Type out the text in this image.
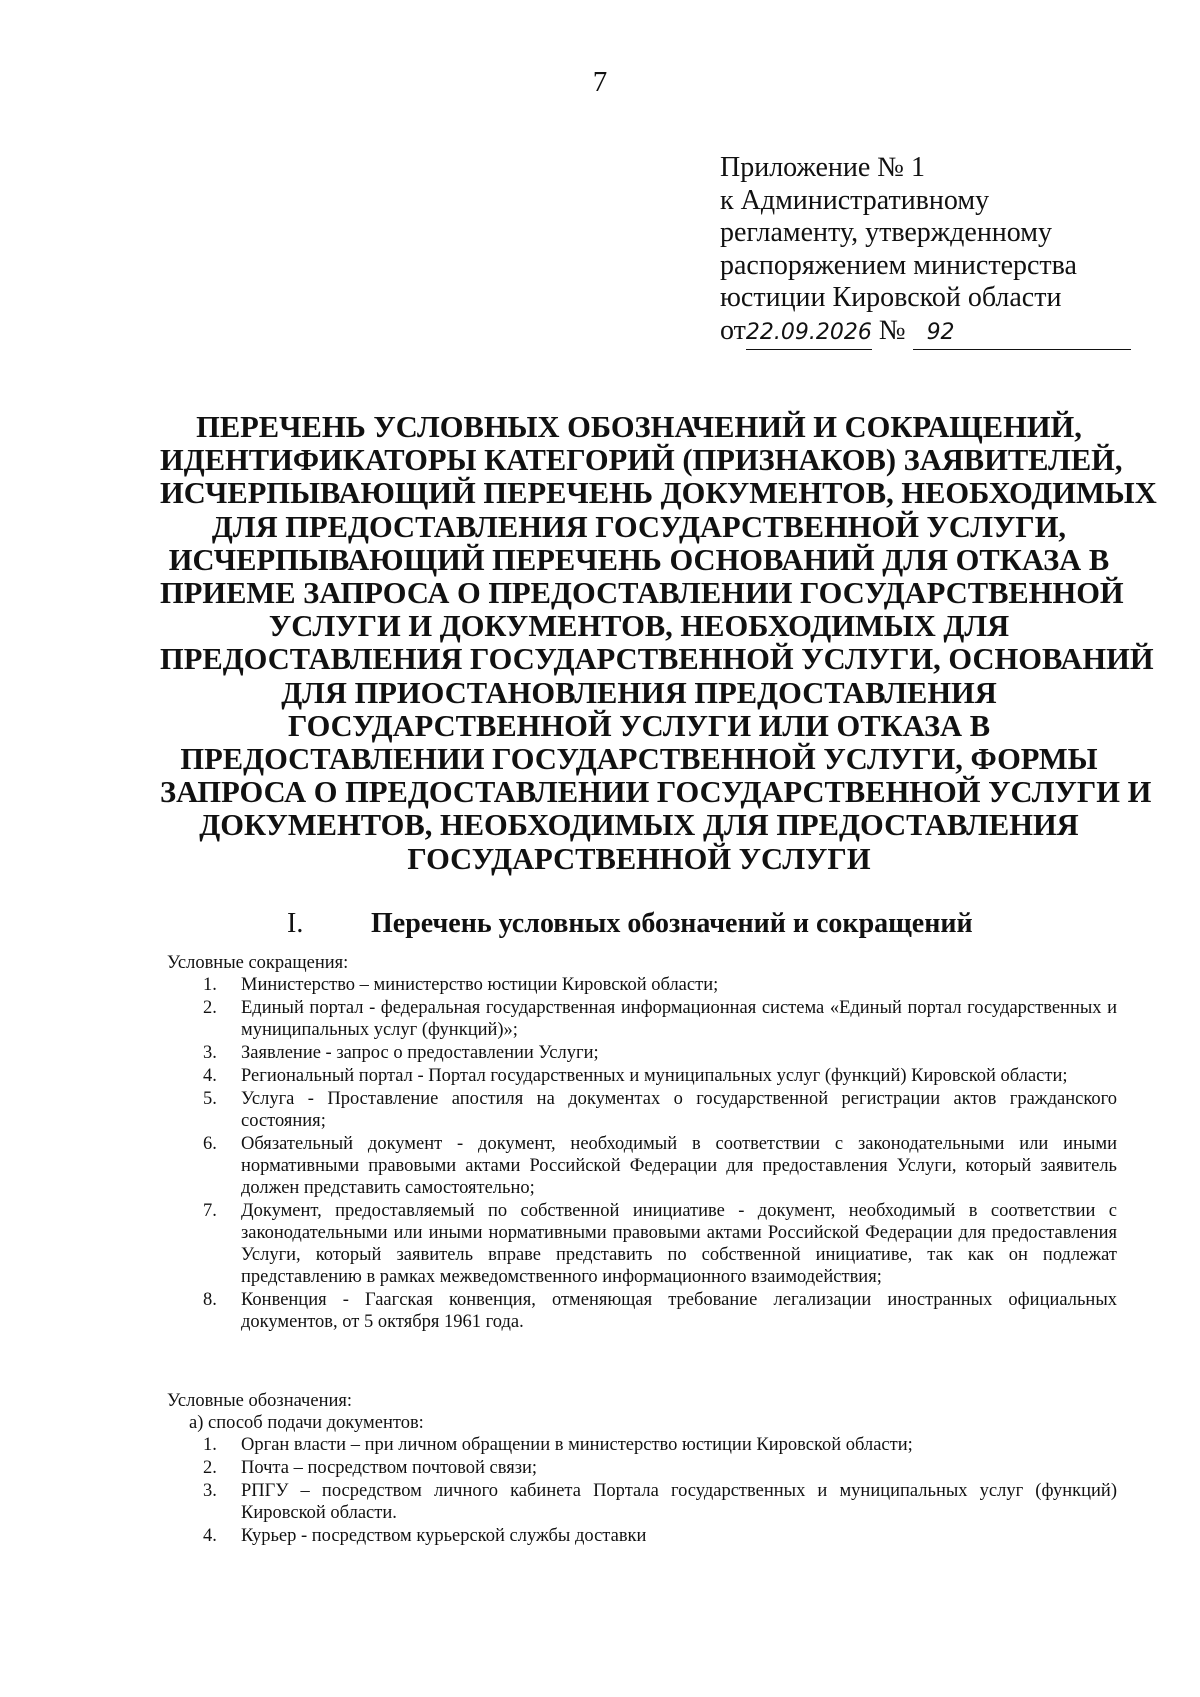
7
Приложение № 1
к Административному
регламенту, утвержденному
распоряжением министерства
юстиции Кировской области
от22.09.2026 № 92
ПЕРЕЧЕНЬ УСЛОВНЫХ ОБОЗНАЧЕНИЙ И СОКРАЩЕНИЙ,
ИДЕНТИФИКАТОРЫ КАТЕГОРИЙ (ПРИЗНАКОВ) ЗАЯВИТЕЛЕЙ,
ИСЧЕРПЫВАЮЩИЙ ПЕРЕЧЕНЬ ДОКУМЕНТОВ, НЕОБХОДИМЫХ
ДЛЯ ПРЕДОСТАВЛЕНИЯ ГОСУДАРСТВЕННОЙ УСЛУГИ,
ИСЧЕРПЫВАЮЩИЙ ПЕРЕЧЕНЬ ОСНОВАНИЙ ДЛЯ ОТКАЗА В
ПРИЕМЕ ЗАПРОСА О ПРЕДОСТАВЛЕНИИ ГОСУДАРСТВЕННОЙ
УСЛУГИ И ДОКУМЕНТОВ, НЕОБХОДИМЫХ ДЛЯ
ПРЕДОСТАВЛЕНИЯ ГОСУДАРСТВЕННОЙ УСЛУГИ, ОСНОВАНИЙ
ДЛЯ ПРИОСТАНОВЛЕНИЯ ПРЕДОСТАВЛЕНИЯ
ГОСУДАРСТВЕННОЙ УСЛУГИ ИЛИ ОТКАЗА В
ПРЕДОСТАВЛЕНИИ ГОСУДАРСТВЕННОЙ УСЛУГИ, ФОРМЫ
ЗАПРОСА О ПРЕДОСТАВЛЕНИИ ГОСУДАРСТВЕННОЙ УСЛУГИ И
ДОКУМЕНТОВ, НЕОБХОДИМЫХ ДЛЯ ПРЕДОСТАВЛЕНИЯ
ГОСУДАРСТВЕННОЙ УСЛУГИ
I. Перечень условных обозначений и сокращений
Условные сокращения:
1. Министерство – министерство юстиции Кировской области;
2. Единый портал - федеральная государственная информационная система «Единый портал государственных и муниципальных услуг (функций)»;
3. Заявление - запрос о предоставлении Услуги;
4. Региональный портал - Портал государственных и муниципальных услуг (функций) Кировской области;
5. Услуга - Проставление апостиля на документах о государственной регистрации актов гражданского состояния;
6. Обязательный документ - документ, необходимый в соответствии с законодательными или иными нормативными правовыми актами Российской Федерации для предоставления Услуги, который заявитель должен представить самостоятельно;
7. Документ, предоставляемый по собственной инициативе - документ, необходимый в соответствии с законодательными или иными нормативными правовыми актами Российской Федерации для предоставления Услуги, который заявитель вправе представить по собственной инициативе, так как он подлежат представлению в рамках межведомственного информационного взаимодействия;
8. Конвенция - Гаагская конвенция, отменяющая требование легализации иностранных официальных документов, от 5 октября 1961 года.
Условные обозначения:
а) способ подачи документов:
1. Орган власти – при личном обращении в министерство юстиции Кировской области;
2. Почта – посредством почтовой связи;
3. РПГУ – посредством личного кабинета Портала государственных и муниципальных услуг (функций) Кировской области.
4. Курьер - посредством курьерской службы доставки
